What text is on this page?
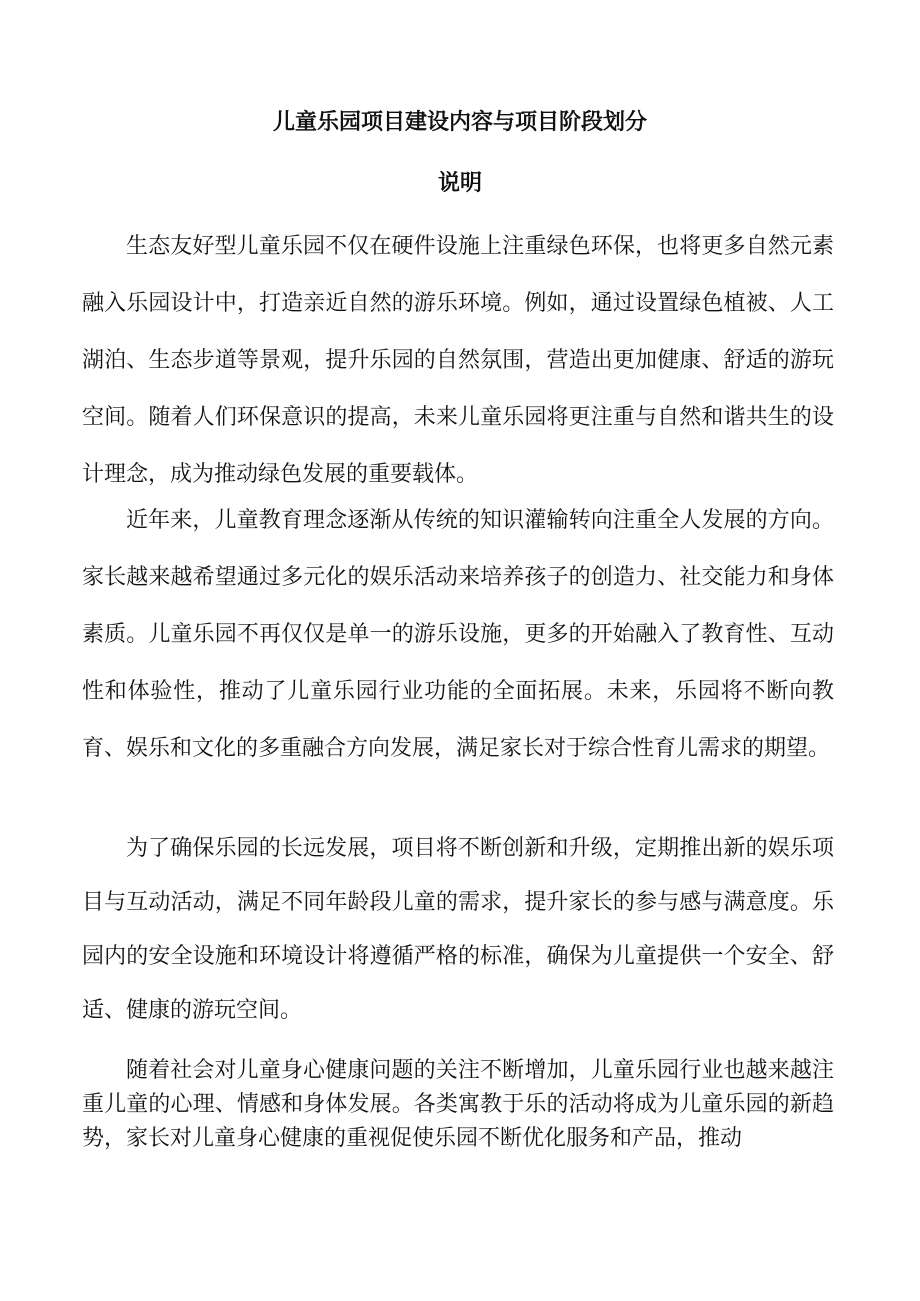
儿童乐园项目建设内容与项目阶段划分
说明

生态友好型儿童乐园不仅在硬件设施上注重绿色环保，也将更多自然元素融入乐园设计中，打造亲近自然的游乐环境。例如，通过设置绿色植被、人工湖泊、生态步道等景观，提升乐园的自然氛围，营造出更加健康、舒适的游玩空间。随着人们环保意识的提高，未来儿童乐园将更注重与自然和谐共生的设计理念，成为推动绿色发展的重要载体。

近年来，儿童教育理念逐渐从传统的知识灌输转向注重全人发展的方向。家长越来越希望通过多元化的娱乐活动来培养孩子的创造力、社交能力和身体素质。儿童乐园不再仅仅是单一的游乐设施，更多的开始融入了教育性、互动性和体验性，推动了儿童乐园行业功能的全面拓展。未来，乐园将不断向教育、娱乐和文化的多重融合方向发展，满足家长对于综合性育儿需求的期望。

为了确保乐园的长远发展，项目将不断创新和升级，定期推出新的娱乐项目与互动活动，满足不同年龄段儿童的需求，提升家长的参与感与满意度。乐园内的安全设施和环境设计将遵循严格的标准，确保为儿童提供一个安全、舒适、健康的游玩空间。

随着社会对儿童身心健康问题的关注不断增加，儿童乐园行业也越来越注重儿童的心理、情感和身体发展。各类寓教于乐的活动将成为儿童乐园的新趋势，家长对儿童身心健康的重视促使乐园不断优化服务和产品，推动
